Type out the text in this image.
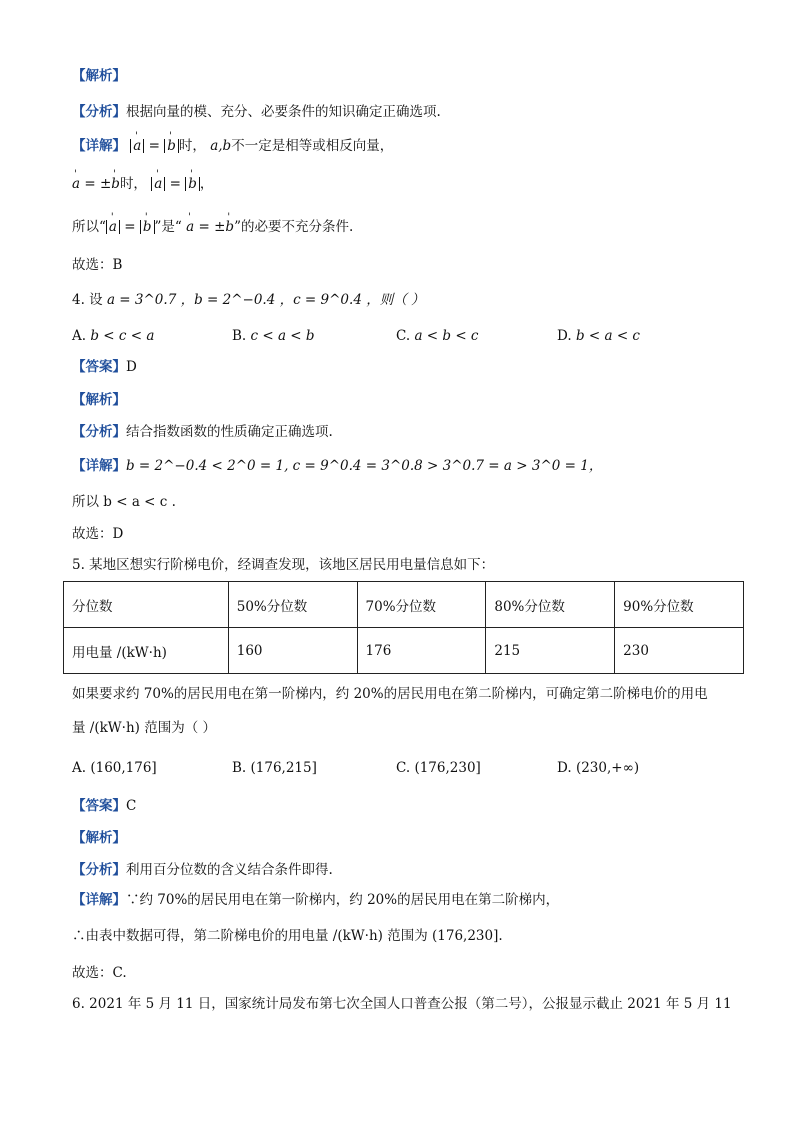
【解析】
【分析】根据向量的模、充分、必要条件的知识确定正确选项.
【详解】 ' a = ' b 时， a,b不一定是相等或相反向量，
' a = ±' b时， ' a = ' b ，
所以“ ' a = ' b ”是“ ' a = ±' b”的必要不充分条件.
故选：B
4. 设 a = 3^0.7 ，b = 2^−0.4 ，c = 9^0.4 ，则（ ）
A. b < c < a	B. c < a < b	C. a < b < c	D. b < a < c
【答案】D
【解析】
【分析】结合指数函数的性质确定正确选项.
【详解】b = 2^−0.4 < 2^0 = 1, c = 9^0.4 = 3^0.8 > 3^0.7 = a > 3^0 = 1，
所以 b < a < c .
故选：D
5. 某地区想实行阶梯电价，经调查发现，该地区居民用电量信息如下：
分位数	50%分位数	70%分位数	80%分位数	90%分位数
用电量 /(kW·h)	160	176	215	230
如果要求约 70%的居民用电在第一阶梯内，约 20%的居民用电在第二阶梯内，可确定第二阶梯电价的用电
量 /(kW·h) 范围为（ ）
A. (160,176]	B. (176,215]	C. (176,230]	D. (230,+∞)
【答案】C
【解析】
【分析】利用百分位数的含义结合条件即得.
【详解】∵约 70%的居民用电在第一阶梯内，约 20%的居民用电在第二阶梯内，
∴由表中数据可得，第二阶梯电价的用电量 /(kW·h) 范围为 (176,230].
故选：C.
6. 2021 年 5 月 11 日，国家统计局发布第七次全国人口普查公报（第二号），公报显示截止 2021 年 5 月 11
